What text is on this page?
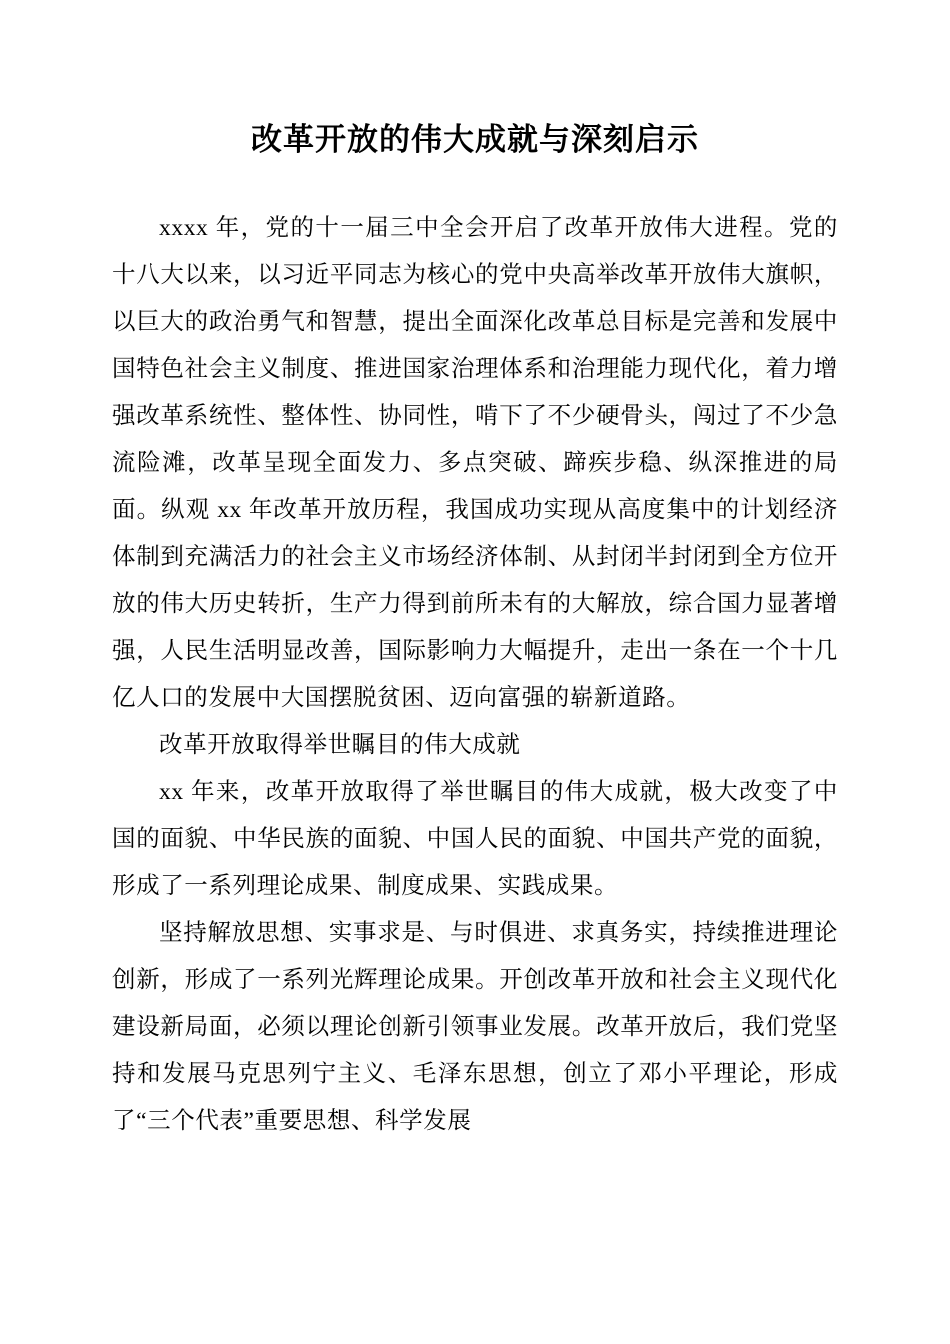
改革开放的伟大成就与深刻启示

xxxx 年，党的十一届三中全会开启了改革开放伟大进程。党的十八大以来，以习近平同志为核心的党中央高举改革开放伟大旗帜，以巨大的政治勇气和智慧，提出全面深化改革总目标是完善和发展中国特色社会主义制度、推进国家治理体系和治理能力现代化，着力增强改革系统性、整体性、协同性，啃下了不少硬骨头，闯过了不少急流险滩，改革呈现全面发力、多点突破、蹄疾步稳、纵深推进的局面。纵观 xx 年改革开放历程，我国成功实现从高度集中的计划经济体制到充满活力的社会主义市场经济体制、从封闭半封闭到全方位开放的伟大历史转折，生产力得到前所未有的大解放，综合国力显著增强，人民生活明显改善，国际影响力大幅提升，走出一条在一个十几亿人口的发展中大国摆脱贫困、迈向富强的崭新道路。

改革开放取得举世瞩目的伟大成就

xx 年来，改革开放取得了举世瞩目的伟大成就，极大改变了中国的面貌、中华民族的面貌、中国人民的面貌、中国共产党的面貌，形成了一系列理论成果、制度成果、实践成果。

坚持解放思想、实事求是、与时俱进、求真务实，持续推进理论创新，形成了一系列光辉理论成果。开创改革开放和社会主义现代化建设新局面，必须以理论创新引领事业发展。改革开放后，我们党坚持和发展马克思列宁主义、毛泽东思想，创立了邓小平理论，形成了“三个代表”重要思想、科学发展
